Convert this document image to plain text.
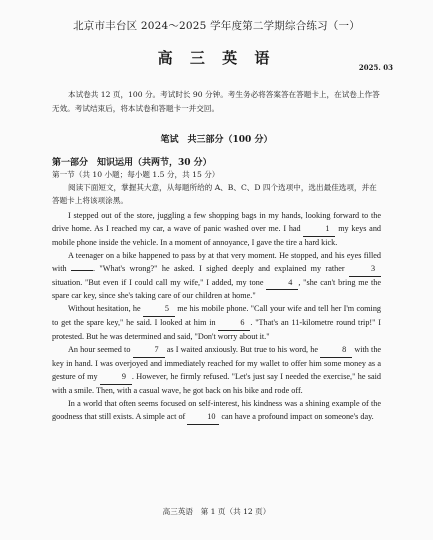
北京市丰台区 2024～2025 学年度第二学期综合练习（一）
高 三 英 语
2025. 03
本试卷共 12 页，100 分。考试时长 90 分钟。考生务必将答案答在答题卡上，在试卷上作答无效。考试结束后，将本试卷和答题卡一并交回。
笔试　共三部分（100 分）
第一部分　知识运用（共两节，30 分）
第一节（共 10 小题；每小题 1.5 分，共 15 分）
阅读下面短文，掌握其大意，从每题所给的 A、B、C、D 四个选项中，选出最佳选项，并在答题卡上将该项涂黑。

I stepped out of the store, juggling a few shopping bags in my hands, looking forward to the drive home. As I reached my car, a wave of panic washed over me. I had	1 my keys and mobile phone inside the vehicle. In a moment of annoyance, I gave the tire a hard kick.

A teenager on a bike happened to pass by at that very moment. He stopped, and his eyes filled with	. "What's wrong?" he asked. I sighed deeply and explained my rather	3 situation. "But even if I could call my wife," I added, my tone	4 , "she can't bring me the spare car key, since she's taking care of our children at home."

Without hesitation, he	5 me his mobile phone. "Call your wife and tell her I'm coming to get the spare key," he said. I looked at him in	6 . "That's an 11-kilometre round trip!" I protested. But he was determined and said, "Don't worry about it."

An hour seemed to	7 as I waited anxiously. But true to his word, he	8 with the key in hand. I was overjoyed and immediately reached for my wallet to offer him some money as a gesture of my	9 . However, he firmly refused. "Let's just say I needed the exercise," he said with a smile. Then, with a casual wave, he got back on his bike and rode off.

In a world that often seems focused on self-interest, his kindness was a shining example of the goodness that still exists. A simple act of	10 can have a profound impact on someone's day.

高三英语　第 1 页（共 12 页）
